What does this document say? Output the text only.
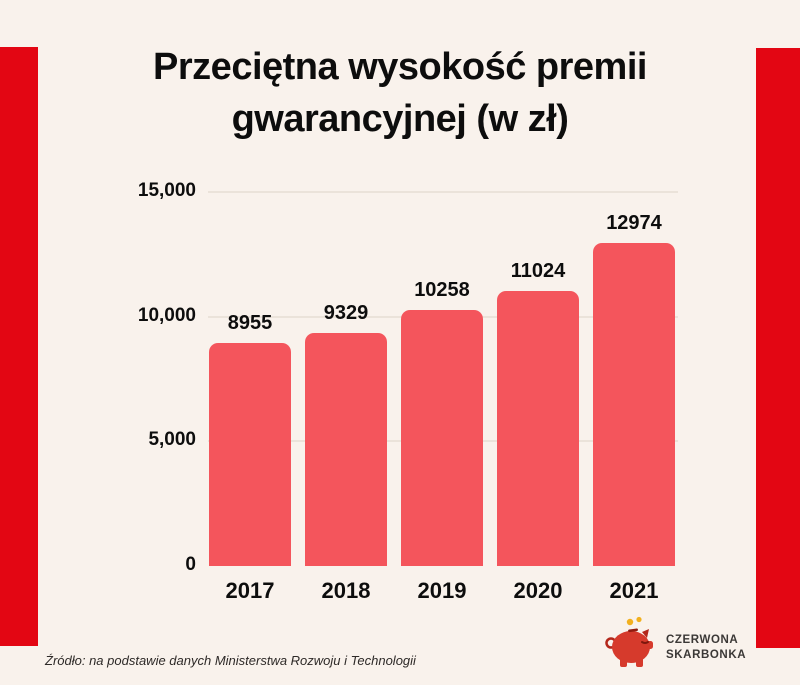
Przeciętna wysokość premii
gwarancyjnej (w zł)
0
5,000
10,000
15,000
8955
2017
9329
2018
10258
2019
11024
2020
12974
2021
Źródło: na podstawie danych Ministerstwa Rozwoju i Technologii
CZERWONA
SKARBONKA
